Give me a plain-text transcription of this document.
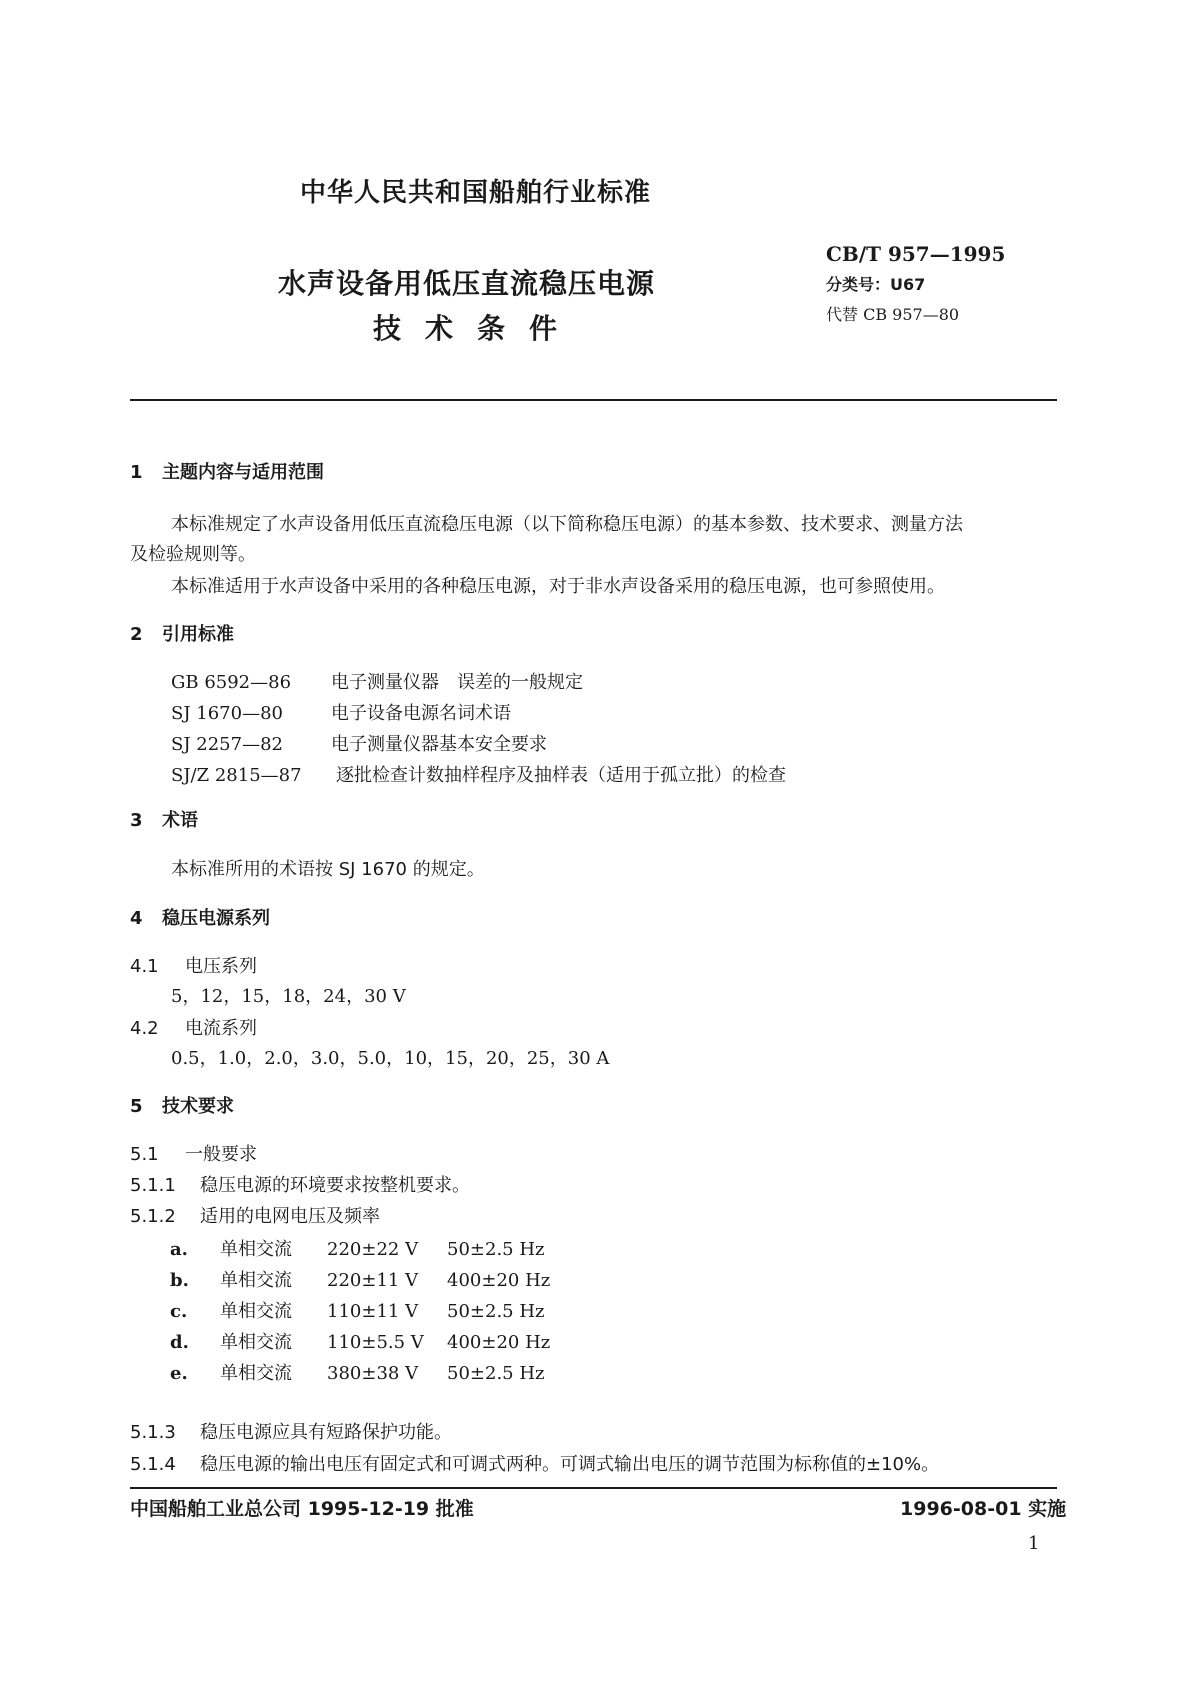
中华人民共和国船舶行业标准
水声设备用低压直流稳压电源
技术条件
CB/T 957—1995
分类号：U67
代替 CB 957—80
1 主题内容与适用范围
本标准规定了水声设备用低压直流稳压电源（以下简称稳压电源）的基本参数、技术要求、测量方法
及检验规则等。
本标准适用于水声设备中采用的各种稳压电源，对于非水声设备采用的稳压电源，也可参照使用。
2 引用标准
GB 6592—86 电子测量仪器　误差的一般规定
SJ 1670—80	电子设备电源名词术语
SJ 2257—82	电子测量仪器基本安全要求
SJ/Z 2815—87 逐批检查计数抽样程序及抽样表（适用于孤立批）的检查
3 术语
本标准所用的术语按 SJ 1670 的规定。
4 稳压电源系列
4.1 电压系列
5，12，15，18，24，30 V
4.2 电流系列
0.5，1.0，2.0，3.0，5.0，10，15，20，25，30 A
5 技术要求
5.1 一般要求
5.1.1 稳压电源的环境要求按整机要求。
5.1.2 适用的电网电压及频率
a. 单相交流 220±22 V 50±2.5 Hz
b. 单相交流 220±11 V 400±20 Hz
c. 单相交流 110±11 V 50±2.5 Hz
d. 单相交流 110±5.5 V 400±20 Hz
e. 单相交流 380±38 V 50±2.5 Hz
5.1.3 稳压电源应具有短路保护功能。
5.1.4 稳压电源的输出电压有固定式和可调式两种。可调式输出电压的调节范围为标称值的±10%。
中国船舶工业总公司 1995-12-19 批准	1996-08-01 实施
1
